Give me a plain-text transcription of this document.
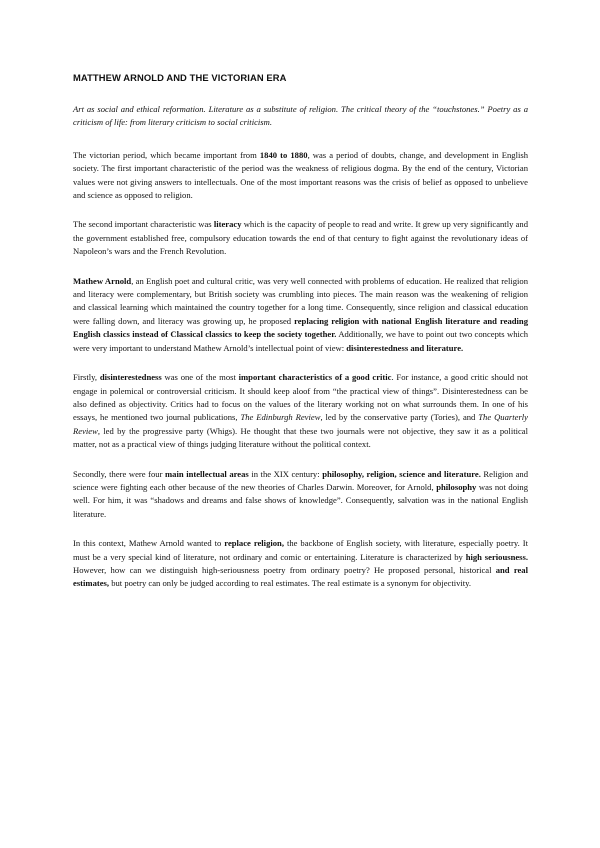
MATTHEW ARNOLD AND THE VICTORIAN ERA
Art as social and ethical reformation. Literature as a substitute of religion. The critical theory of the “touchstones.” Poetry as a criticism of life: from literary criticism to social criticism.

The victorian period, which became important from 1840 to 1880, was a period of doubts, change, and development in English society. The first important characteristic of the period was the weakness of religious dogma. By the end of the century, Victorian values were not giving answers to intellectuals. One of the most important reasons was the crisis of belief as opposed to unbelieve and science as opposed to religion.

The second important characteristic was literacy which is the capacity of people to read and write. It grew up very significantly and the government established free, compulsory education towards the end of that century to fight against the revolutionary ideas of Napoleon’s wars and the French Revolution.

Mathew Arnold, an English poet and cultural critic, was very well connected with problems of education. He realized that religion and literacy were complementary, but British society was crumbling into pieces. The main reason was the weakening of religion and classical learning which maintained the country together for a long time. Consequently, since religion and classical education were falling down, and literacy was growing up, he proposed replacing religion with national English literature and reading English classics instead of Classical classics to keep the society together. Additionally, we have to point out two concepts which were very important to understand Mathew Arnold’s intellectual point of view: disinterestedness and literature.

Firstly, disinterestedness was one of the most important characteristics of a good critic. For instance, a good critic should not engage in polemical or controversial criticism. It should keep aloof from “the practical view of things”. Disinterestedness can be also defined as objectivity. Critics had to focus on the values of the literary working not on what surrounds them. In one of his essays, he mentioned two journal publications, The Edinburgh Review, led by the conservative party (Tories), and The Quarterly Review, led by the progressive party (Whigs). He thought that these two journals were not objective, they saw it as a political matter, not as a practical view of things judging literature without the political context.

Secondly, there were four main intellectual areas in the XIX century: philosophy, religion, science and literature. Religion and science were fighting each other because of the new theories of Charles Darwin. Moreover, for Arnold, philosophy was not doing well. For him, it was “shadows and dreams and false shows of knowledge”. Consequently, salvation was in the national English literature.

In this context, Mathew Arnold wanted to replace religion, the backbone of English society, with literature, especially poetry. It must be a very special kind of literature, not ordinary and comic or entertaining. Literature is characterized by high seriousness. However, how can we distinguish high-seriousness poetry from ordinary poetry? He proposed personal, historical and real estimates, but poetry can only be judged according to real estimates. The real estimate is a synonym for objectivity.
